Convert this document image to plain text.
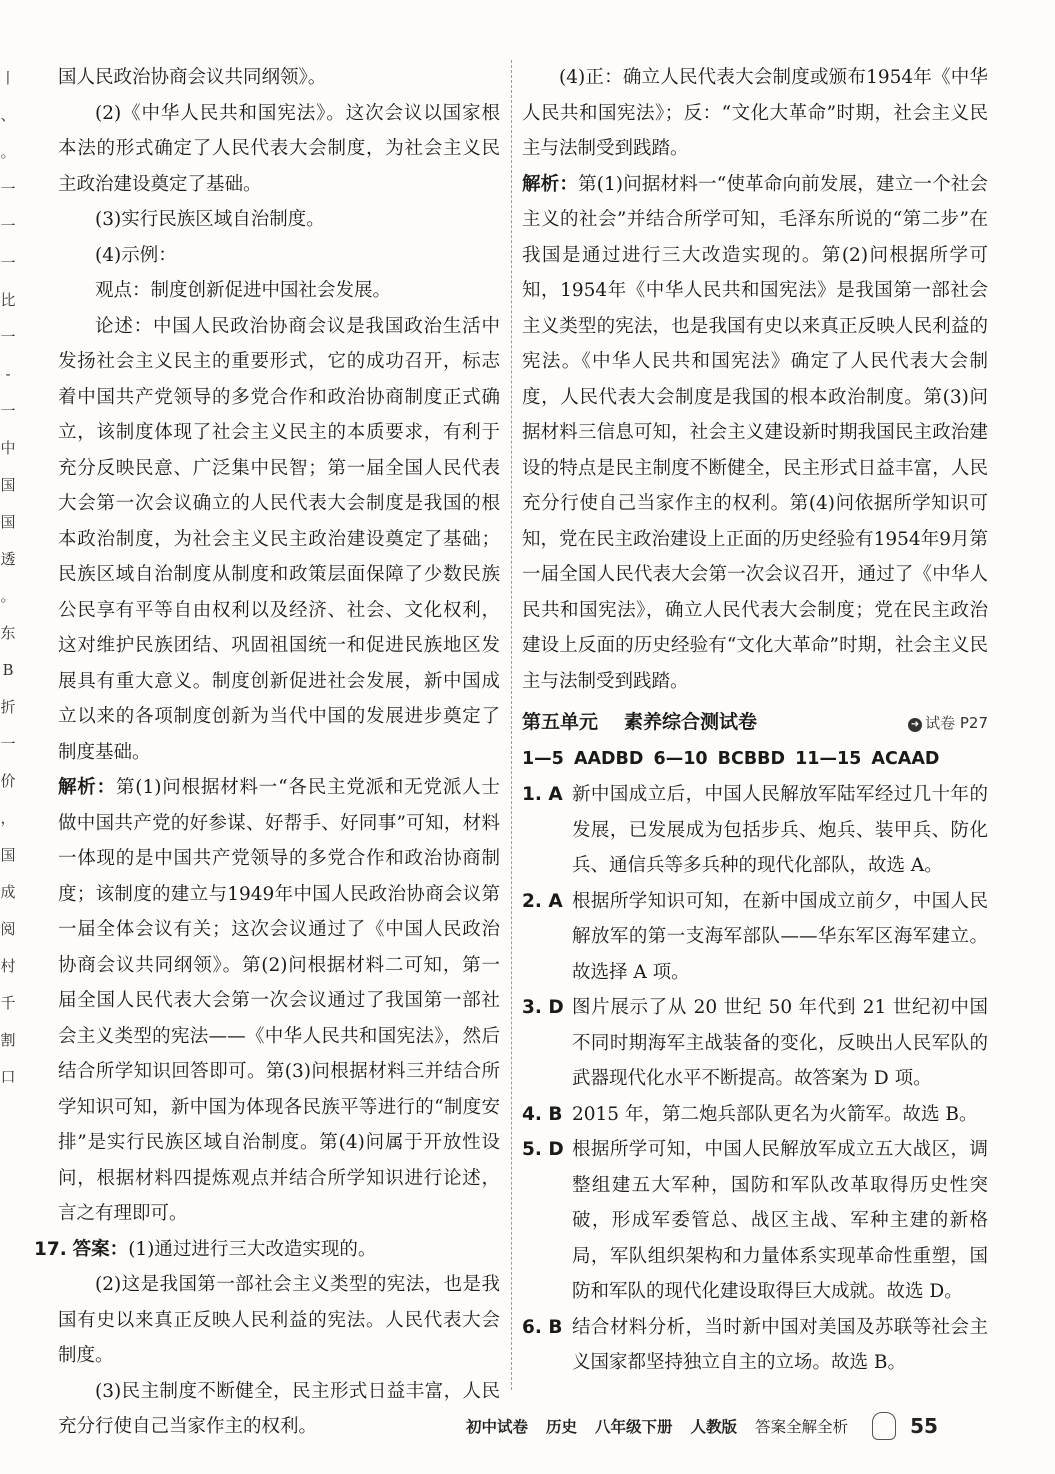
丨
、
。
一
一
一
比
一
-
一
中
国
国
透
。
东
B
折
一
价
，
国
成
阅
村
千
割
口

国人民政治协商会议共同纲领》。

(2)《中华人民共和国宪法》。这次会议以国家根本法的形式确定了人民代表大会制度，为社会主义民主政治建设奠定了基础。

(3)实行民族区域自治制度。

(4)示例：

观点：制度创新促进中国社会发展。

论述：中国人民政治协商会议是我国政治生活中发扬社会主义民主的重要形式，它的成功召开，标志着中国共产党领导的多党合作和政治协商制度正式确立，该制度体现了社会主义民主的本质要求，有利于充分反映民意、广泛集中民智；第一届全国人民代表大会第一次会议确立的人民代表大会制度是我国的根本政治制度，为社会主义民主政治建设奠定了基础；民族区域自治制度从制度和政策层面保障了少数民族公民享有平等自由权利以及经济、社会、文化权利，这对维护民族团结、巩固祖国统一和促进民族地区发展具有重大意义。制度创新促进社会发展，新中国成立以来的各项制度创新为当代中国的发展进步奠定了制度基础。

解析：第(1)问根据材料一“各民主党派和无党派人士做中国共产党的好参谋、好帮手、好同事”可知，材料一体现的是中国共产党领导的多党合作和政治协商制度；该制度的建立与1949年中国人民政治协商会议第一届全体会议有关；这次会议通过了《中国人民政治协商会议共同纲领》。第(2)问根据材料二可知，第一届全国人民代表大会第一次会议通过了我国第一部社会主义类型的宪法——《中华人民共和国宪法》，然后结合所学知识回答即可。第(3)问根据材料三并结合所学知识可知，新中国为体现各民族平等进行的“制度安排”是实行民族区域自治制度。第(4)问属于开放性设问，根据材料四提炼观点并结合所学知识进行论述，言之有理即可。

17. 答案：(1)通过进行三大改造实现的。

(2)这是我国第一部社会主义类型的宪法，也是我国有史以来真正反映人民利益的宪法。人民代表大会制度。

(3)民主制度不断健全，民主形式日益丰富，人民充分行使自己当家作主的权利。

(4)正：确立人民代表大会制度或颁布1954年《中华人民共和国宪法》；反：“文化大革命”时期，社会主义民主与法制受到践踏。

解析：第(1)问据材料一“使革命向前发展，建立一个社会主义的社会”并结合所学可知，毛泽东所说的“第二步”在我国是通过进行三大改造实现的。第(2)问根据所学可知，1954年《中华人民共和国宪法》是我国第一部社会主义类型的宪法，也是我国有史以来真正反映人民利益的宪法。《中华人民共和国宪法》确定了人民代表大会制度，人民代表大会制度是我国的根本政治制度。第(3)问据材料三信息可知，社会主义建设新时期我国民主政治建设的特点是民主制度不断健全，民主形式日益丰富，人民充分行使自己当家作主的权利。第(4)问依据所学知识可知，党在民主政治建设上正面的历史经验有1954年9月第一届全国人民代表大会第一次会议召开，通过了《中华人民共和国宪法》，确立人民代表大会制度；党在民主政治建设上反面的历史经验有“文化大革命”时期，社会主义民主与法制受到践踏。

第五单元 素养综合测试卷	➜ 试卷 P27

1—5 AADBD 6—10 BCBBD 11—15 ACAAD

1. A 新中国成立后，中国人民解放军陆军经过几十年的发展，已发展成为包括步兵、炮兵、装甲兵、防化兵、通信兵等多兵种的现代化部队，故选 A。
2. A 根据所学知识可知，在新中国成立前夕，中国人民解放军的第一支海军部队——华东军区海军建立。故选择 A 项。
3. D 图片展示了从 20 世纪 50 年代到 21 世纪初中国不同时期海军主战装备的变化，反映出人民军队的武器现代化水平不断提高。故答案为 D 项。
4. B 2015 年，第二炮兵部队更名为火箭军。故选 B。
5. D 根据所学可知，中国人民解放军成立五大战区，调整组建五大军种，国防和军队改革取得历史性突破，形成军委管总、战区主战、军种主建的新格局，军队组织架构和力量体系实现革命性重塑，国防和军队的现代化建设取得巨大成就。故选 D。
6. B 结合材料分析，当时新中国对美国及苏联等社会主义国家都坚持独立自主的立场。故选 B。
初中试卷 历史 八年级下册 人教版 答案全解全析	55
